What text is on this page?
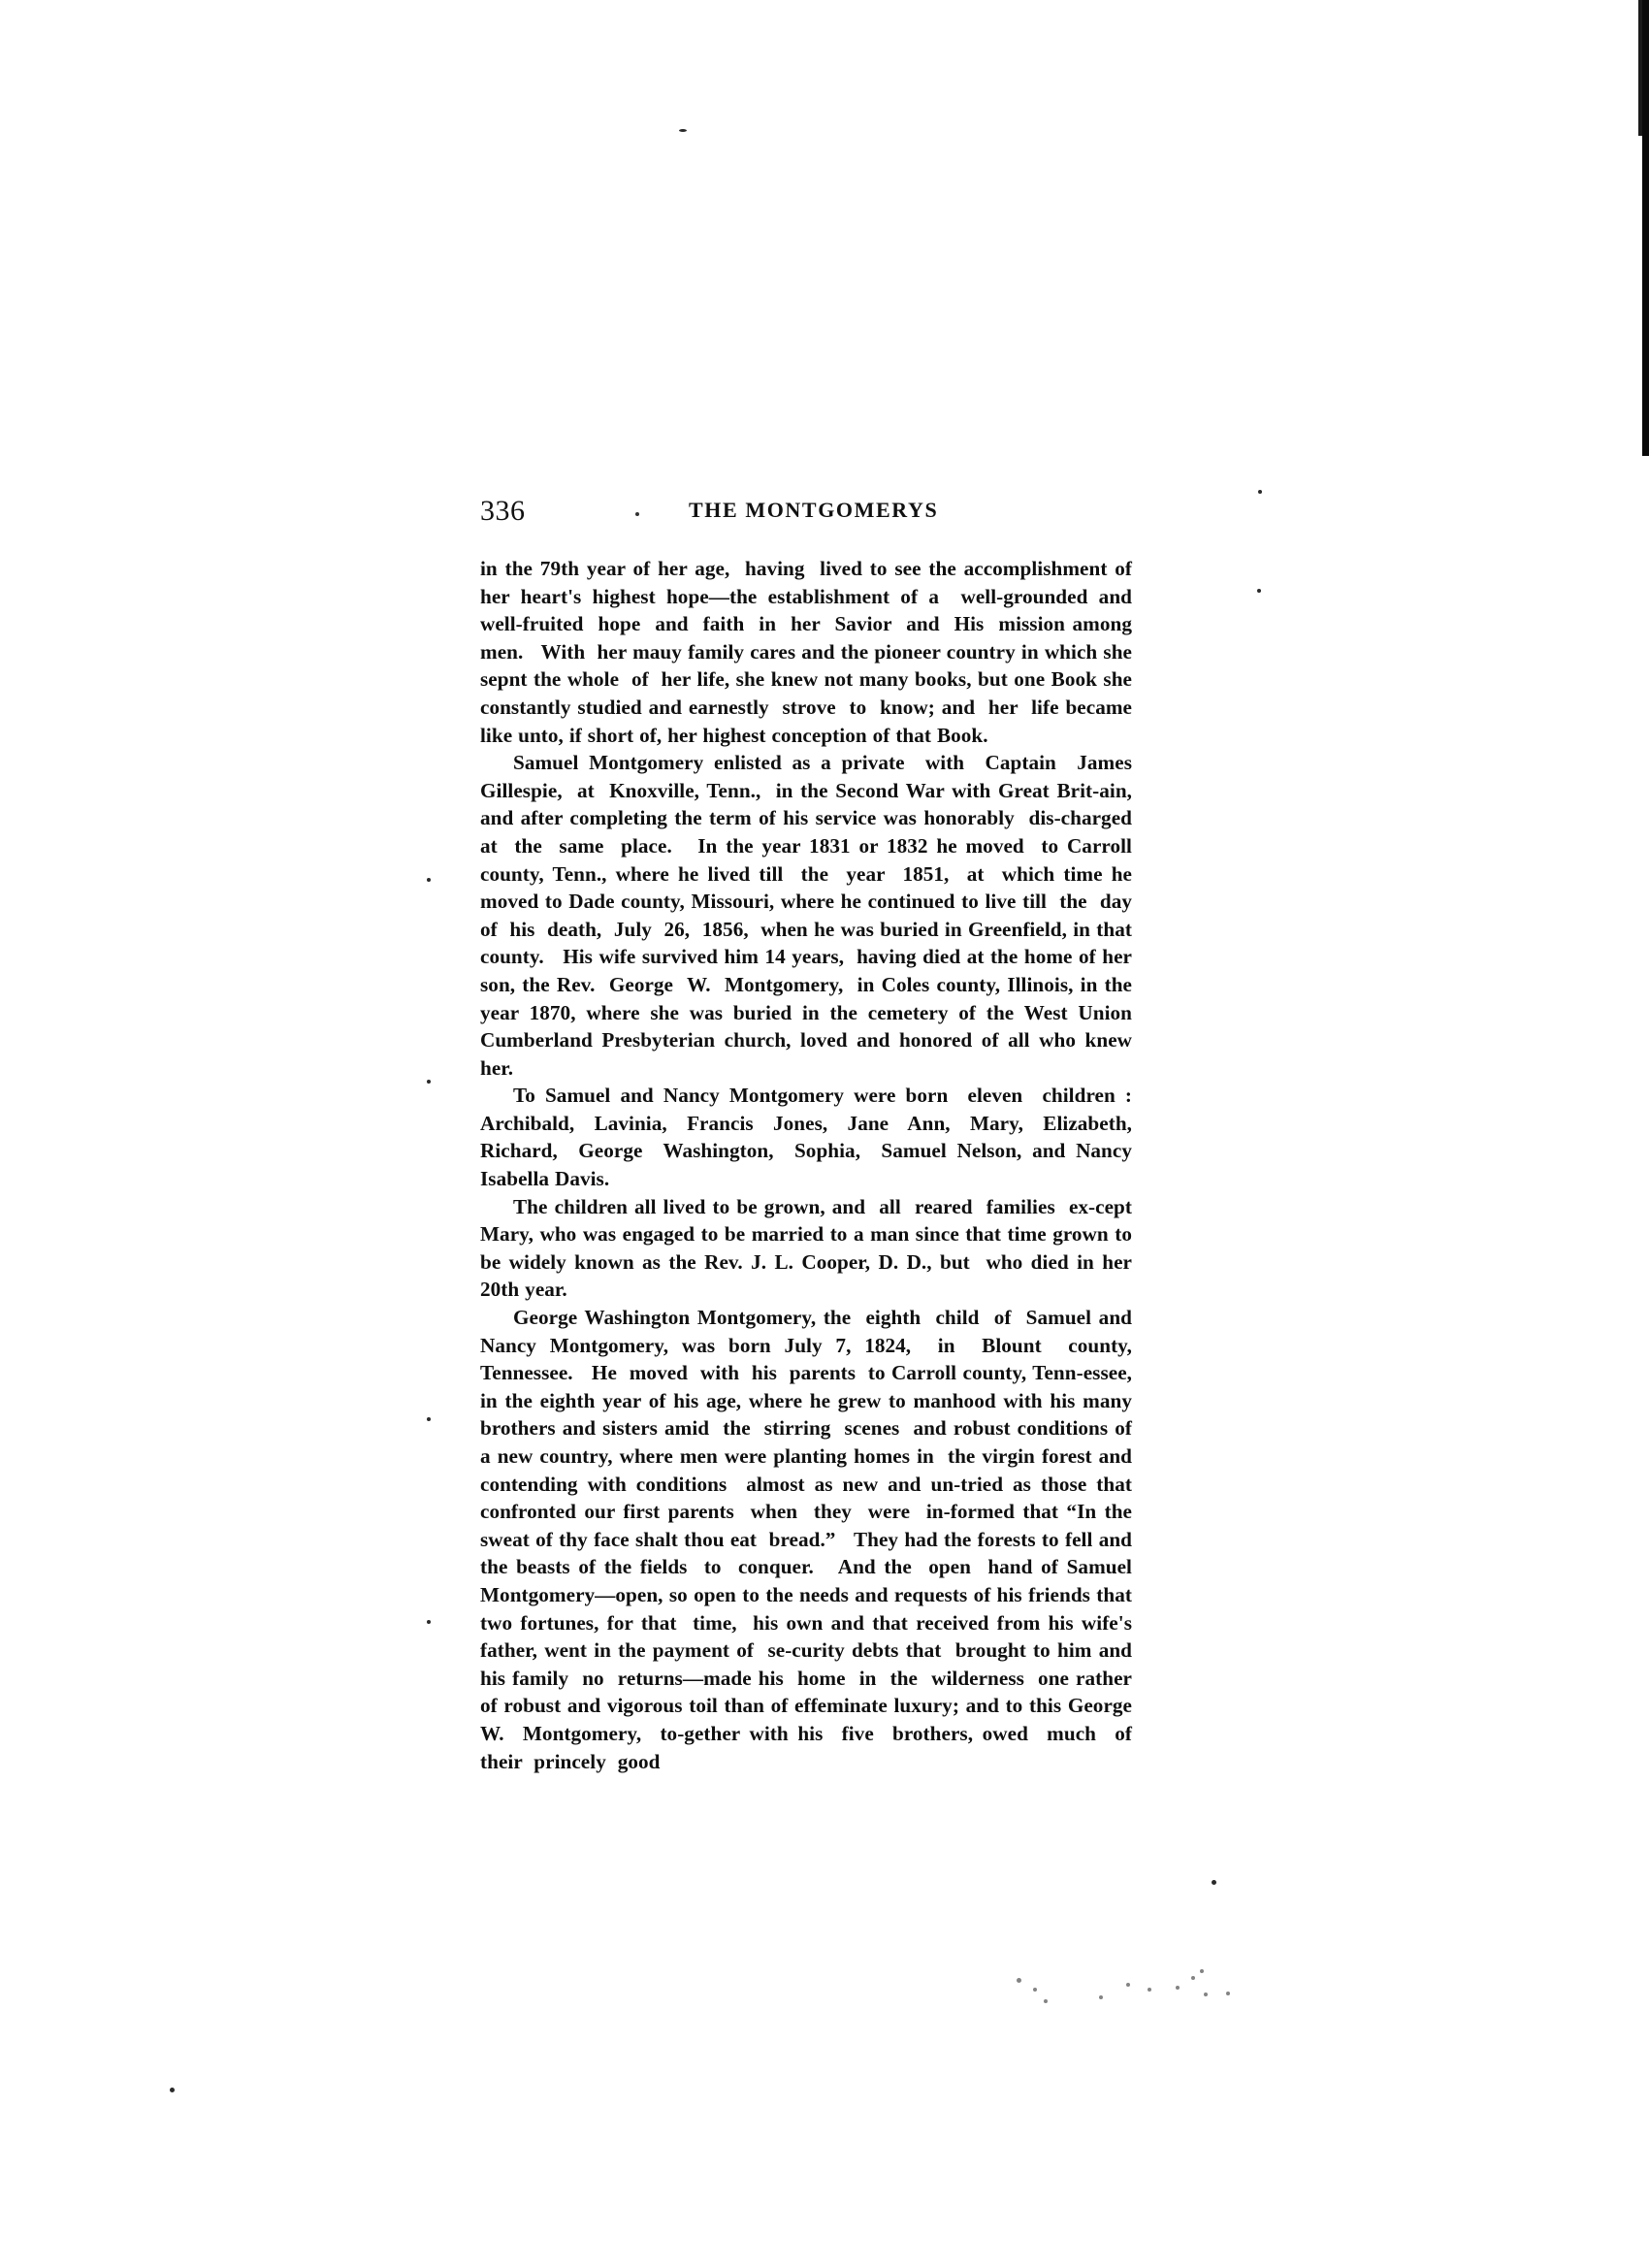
336	THE MONTGOMERYS

in the 79th year of her age,  having  lived to see the accomplishment of her heart's highest hope—the establishment of a  well-grounded and well-fruited  hope  and  faith  in  her  Savior  and  His  mission among  men.   With  her mauy family cares and the pioneer country in which she sepnt the whole  of  her life, she knew not many books, but one Book she constantly studied and earnestly  strove  to  know; and  her  life became like unto, if short of, her highest conception of that Book.

Samuel Montgomery enlisted as a private  with  Captain  James Gillespie,  at  Knoxville, Tenn.,  in the Second War with Great Brit-ain, and after completing the term of his service was honorably  dis-charged  at  the  same  place.   In the year 1831 or 1832 he moved  to Carroll county, Tenn., where he lived till  the  year  1851,  at  which time he moved to Dade county, Missouri, where he continued to live till  the  day  of  his  death,  July  26,  1856,  when he was buried in Greenfield, in that county.   His wife survived him 14 years,  having died at the home of her son, the Rev.  George  W.  Montgomery,  in Coles county, Illinois, in the  year 1870, where she was buried in the cemetery of the West Union Cumberland Presbyterian church, loved and honored of all who knew her.

To Samuel and Nancy Montgomery were born  eleven  children : Archibald,  Lavinia,  Francis  Jones,  Jane  Ann,  Mary,  Elizabeth, Richard,  George  Washington,  Sophia,  Samuel Nelson, and Nancy Isabella Davis.

The children all lived to be grown, and  all  reared  families  ex-cept Mary, who was engaged to be married to a man since that time grown to be widely known as the Rev. J. L. Cooper, D. D., but  who died in her 20th year.

George Washington Montgomery, the  eighth  child  of  Samuel and Nancy Montgomery, was born July 7, 1824,  in  Blount  county, Tennessee.   He  moved  with  his  parents  to Carroll county, Tenn-essee, in the eighth year of his age, where he grew to manhood with his many brothers and sisters amid  the  stirring  scenes  and robust conditions of a new country, where men were planting homes in  the virgin forest and  contending with conditions  almost as new and un-tried as those that confronted our first parents  when  they  were  in-formed that “In the sweat of thy face shalt thou eat  bread.”   They had the forests to fell and the beasts of the fields  to  conquer.   And the  open  hand of Samuel Montgomery—open, so open to the needs and requests of his friends that two fortunes, for that  time,  his own and that received from his wife's father, went in the payment of  se-curity debts that  brought to him and his family  no  returns—made his  home  in  the  wilderness  one rather of robust and vigorous toil than of effeminate luxury; and to this George W.  Montgomery,  to-gether with his  five  brothers, owed  much  of  their  princely  good
